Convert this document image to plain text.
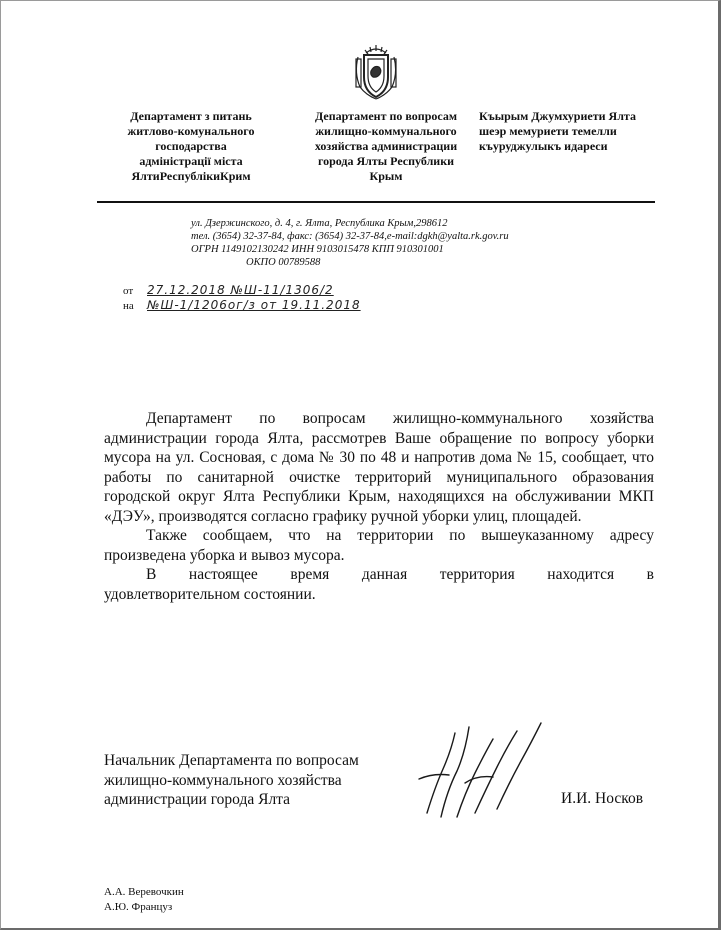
Департамент з питань
житлово-комунального
господарства
адміністрації міста
ЯлтиРеспублікиКрим
Департамент по вопросам
жилищно-коммунального
хозяйства администрации
города Ялты Республики
Крым
Къырым Джумхуриети Ялта
шеэр мемуриети темелли
къуруджулыкъ идареси
ул. Дзержинского, д. 4, г. Ялта, Республика Крым,298612
тел. (3654) 32-37-84, факс: (3654) 32-37-84,e-mail:dgkh@yalta.rk.gov.ru
ОГРН 1149102130242 ИНН 9103015478 КПП 910301001
ОКПО 00789588
от 27.12.2018 №Ш-11/1306/2
на №Ш-1/1206ог/з от 19.11.2018

Департамент по вопросам жилищно-коммунального хозяйства администрации города Ялта, рассмотрев Ваше обращение по вопросу уборки мусора на ул. Сосновая, с дома № 30 по 48 и напротив дома № 15, сообщает, что работы по санитарной очистке территорий муниципального образования городской округ Ялта Республики Крым, находящихся на обслуживании МКП «ДЭУ», производятся согласно графику ручной уборки улиц, площадей.

Также сообщаем, что на территории по вышеуказанному адресу произведена уборка и вывоз мусора.

В настоящее время данная территория находится в
удовлетворительном состоянии.
Начальник Департамента по вопросам
жилищно-коммунального хозяйства
администрации города Ялта	И.И. Носков
А.А. Веревочкин
А.Ю. Француз
